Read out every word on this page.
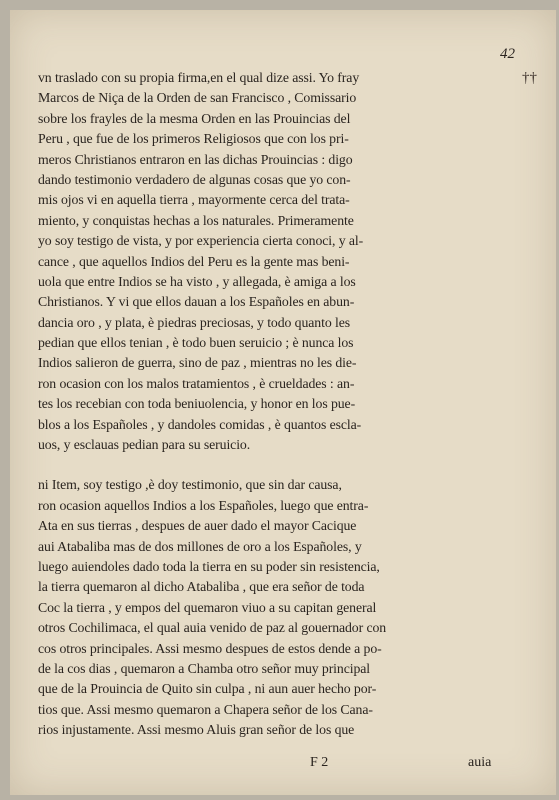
42
††
vn traslado con su propia firma,en el qual dize assi. Yo fray
Marcos de Niça de la Orden de san Francisco , Comissario
sobre los frayles de la mesma Orden en las Prouincias del
Peru , que fue de los primeros Religiosos que con los pri-
meros Christianos entraron en las dichas Prouincias : digo
dando testimonio verdadero de algunas cosas que yo con-
mis ojos vi en aquella tierra , mayormente cerca del trata-
miento, y conquistas hechas a los naturales. Primeramente
yo soy testigo de vista, y por experiencia cierta conoci, y al-
cance , que aquellos Indios del Peru es la gente mas beni-
uola que entre Indios se ha visto , y allegada, è amiga a los
Christianos. Y vi que ellos dauan a los Españoles en abun-
dancia oro , y plata, è piedras preciosas, y todo quanto les
pedian que ellos tenian , è todo buen seruicio ; è nunca los
Indios salieron de guerra, sino de paz , mientras no les die-
ron ocasion con los malos tratamientos , è crueldades : an-
tes los recebian con toda beniuolencia, y honor en los pue-
blos a los Españoles , y dandoles comidas , è quantos escla-
uos, y esclauas pedian para su seruicio.
ni Item, soy testigo ,è doy testimonio, que sin dar causa,
ron ocasion aquellos Indios a los Españoles, luego que entra-
Ata en sus tierras , despues de auer dado el mayor Cacique
aui Atabaliba mas de dos millones de oro a los Españoles, y
luego auiendoles dado toda la tierra en su poder sin resistencia,
la tierra quemaron al dicho Atabaliba , que era señor de toda
Coc la tierra , y empos del quemaron viuo a su capitan general
otros Cochilimaca, el qual auia venido de paz al gouernador con
cos otros principales. Assi mesmo despues de estos dende a po-
de la cos dias , quemaron a Chamba otro señor muy principal
que de la Prouincia de Quito sin culpa , ni aun auer hecho por-
tios que. Assi mesmo quemaron a Chapera señor de los Cana-
rios injustamente. Assi mesmo Aluis gran señor de los que
F 2	auia
